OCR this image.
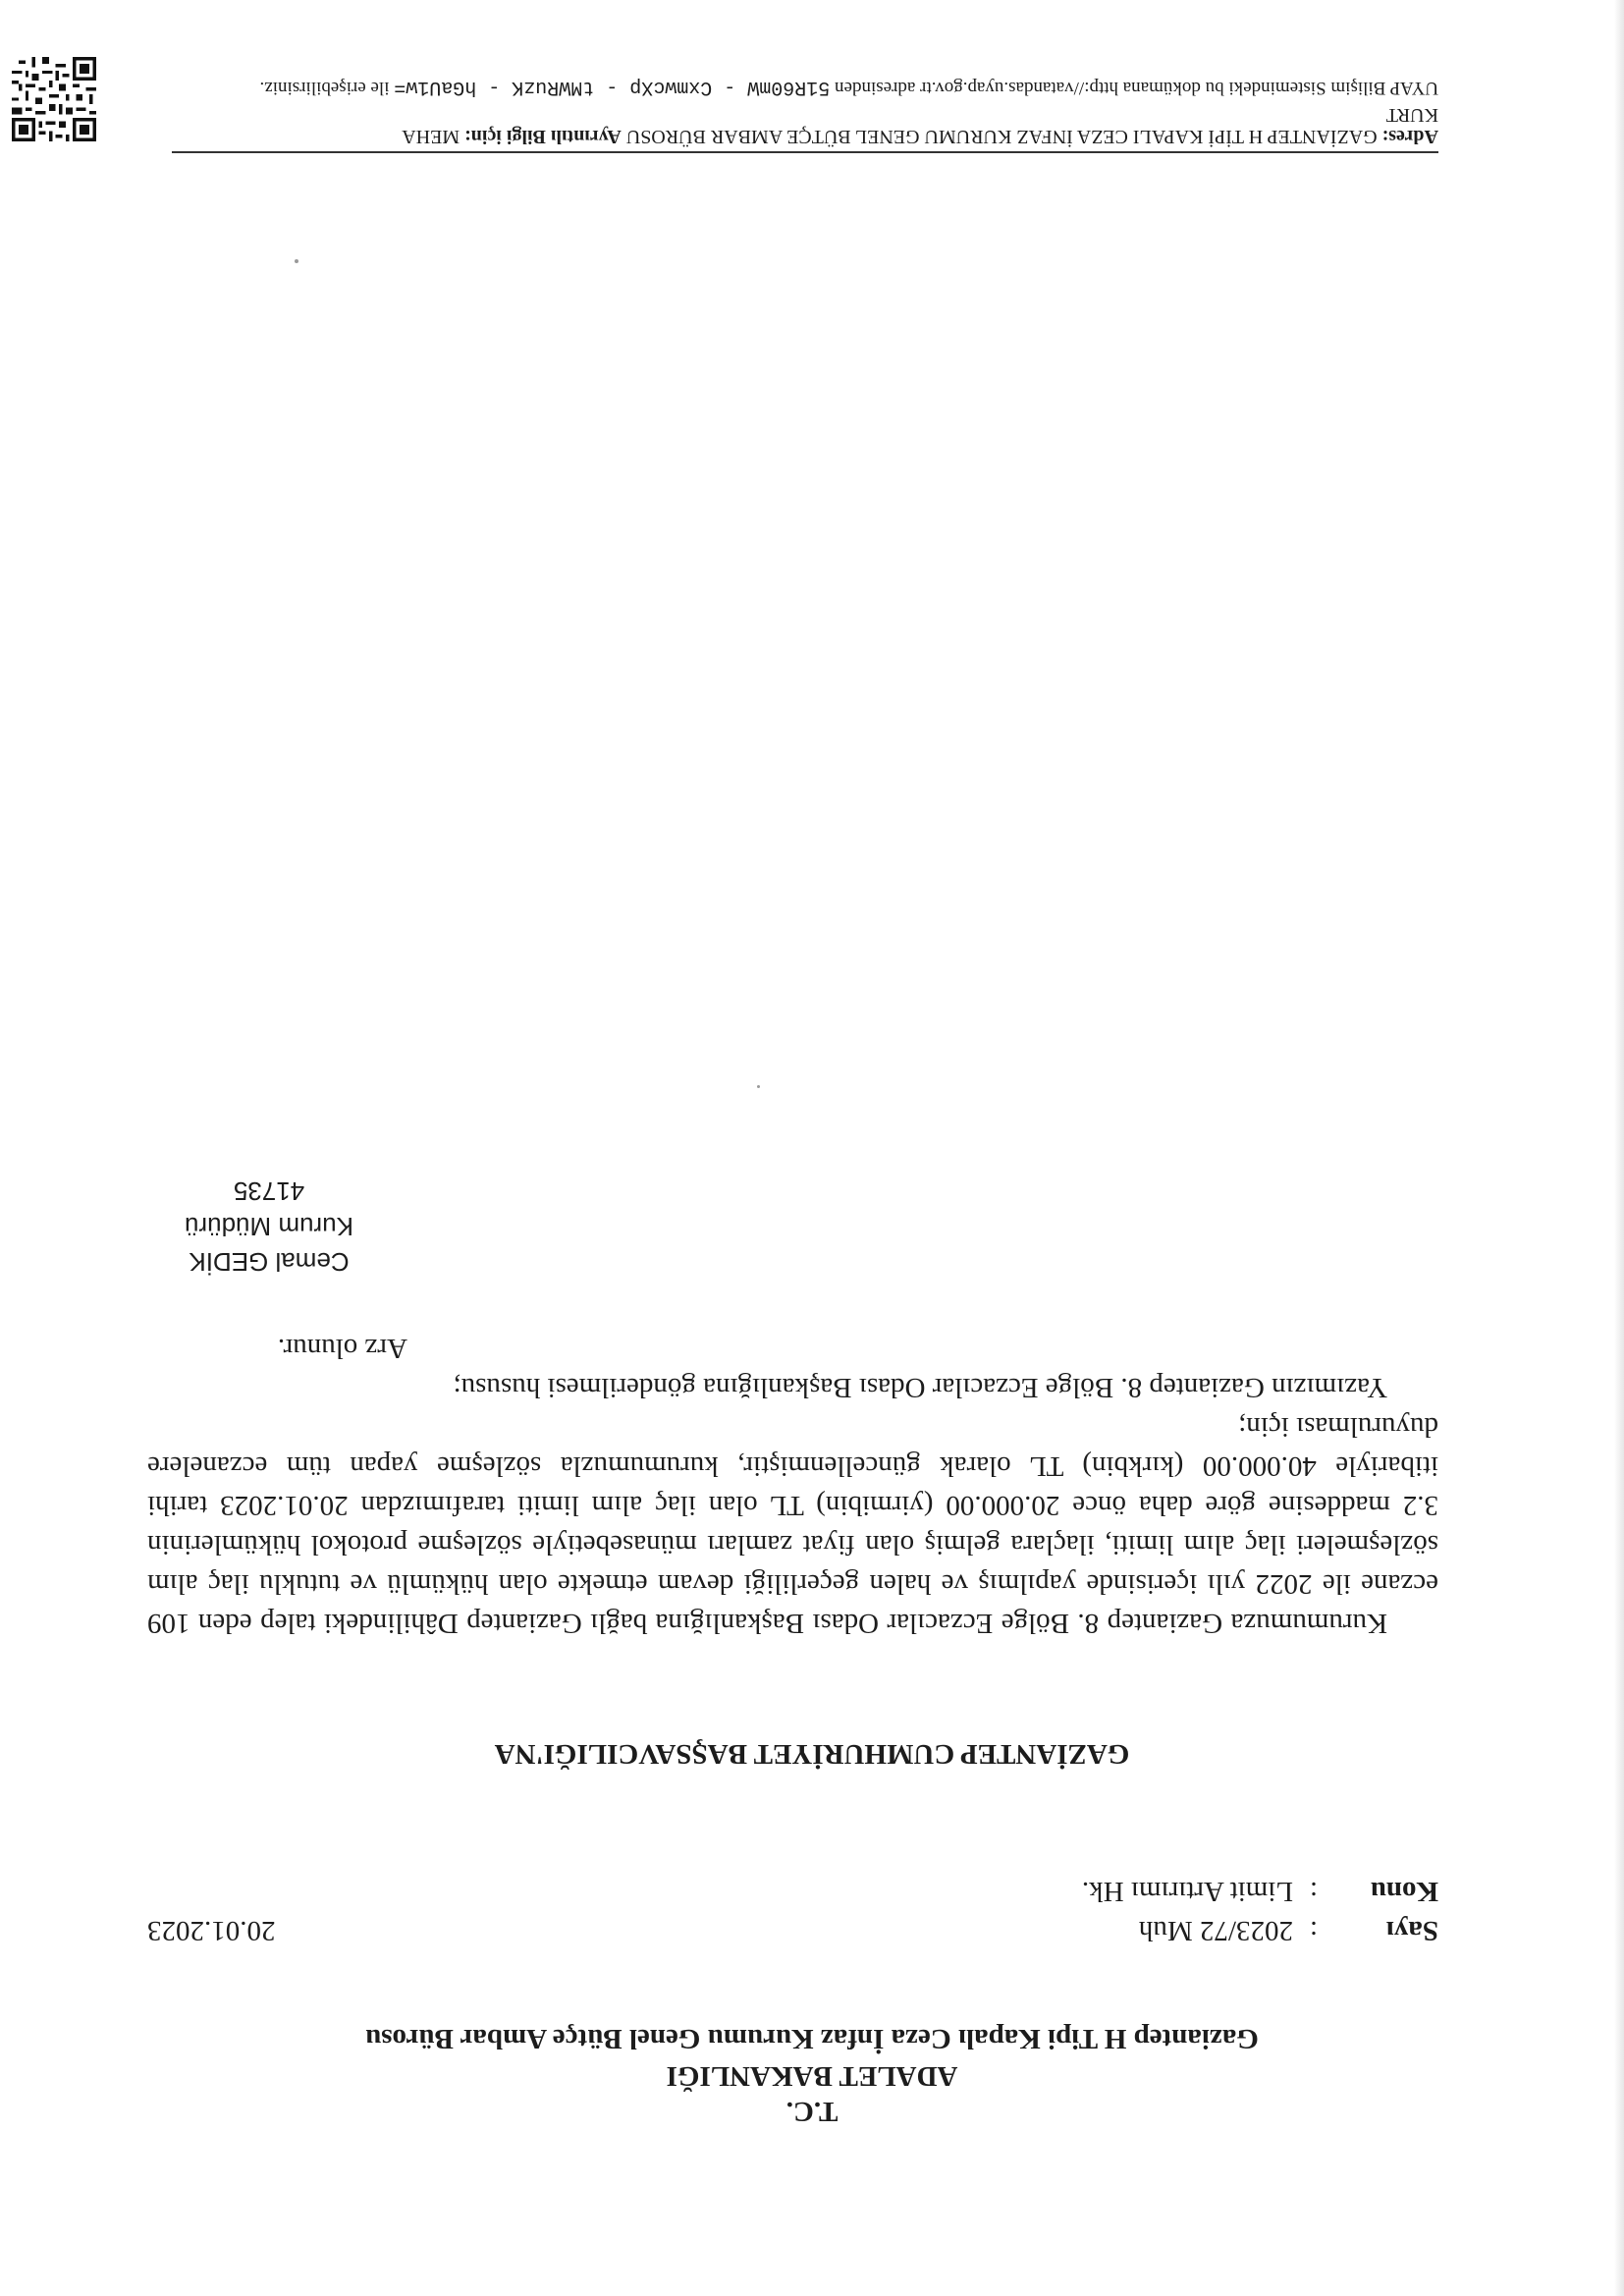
T.C.
ADALET BAKANLIĞI
Gaziantep H Tipi Kapalı Ceza İnfaz Kurumu Genel Bütçe Ambar Bürosu
Sayı
:
2023/72 Muh
20.01.2023
Konu
:
Limit Artırımı Hk.
GAZİANTEP CUMHURİYET BAŞSAVCILIĞI'NA

Kurumumuza Gaziantep 8. Bölge Eczacılar Odası Başkanlığına bağlı Gaziantep Dâhilindeki talep eden 109 eczane ile 2022 yılı içerisinde yapılmış ve halen geçerliliği devam etmekte olan hükümlü ve tutuklu ilaç alım sözleşmeleri ilaç alım limiti, ilaçlara gelmiş olan fiyat zamları münasebetiyle sözleşme protokol hükümlerinin 3.2 maddesine göre daha önce 20.000.00 (yirmibin) TL olan ilaç alım limiti tarafımızdan 20.01.2023 tarihi itibariyle 40.000.00 (kırkbin) TL olarak güncellenmiştir, kurumumuzla sözleşme yapan tüm eczanelere duyurulması için;

Yazımızın Gaziantep 8. Bölge Eczacılar Odası Başkanlığına gönderilmesi hususu;

Arz olunur.

Cemal GEDİK
Kurum Müdürü
41735
Adres: GAZİANTEP H TİPİ KAPALI CEZA İNFAZ KURUMU GENEL BÜTÇE AMBAR BÜROSU Ayrıntılı Bilgi için: MEHA
KURT
UYAP Bilişim Sistemindeki bu dokümana http://vatandas.uyap.gov.tr adresinden 51R60mW - CxmwcXp - tMWRuzK - hGaU1w= ile erişebilirsiniz.
